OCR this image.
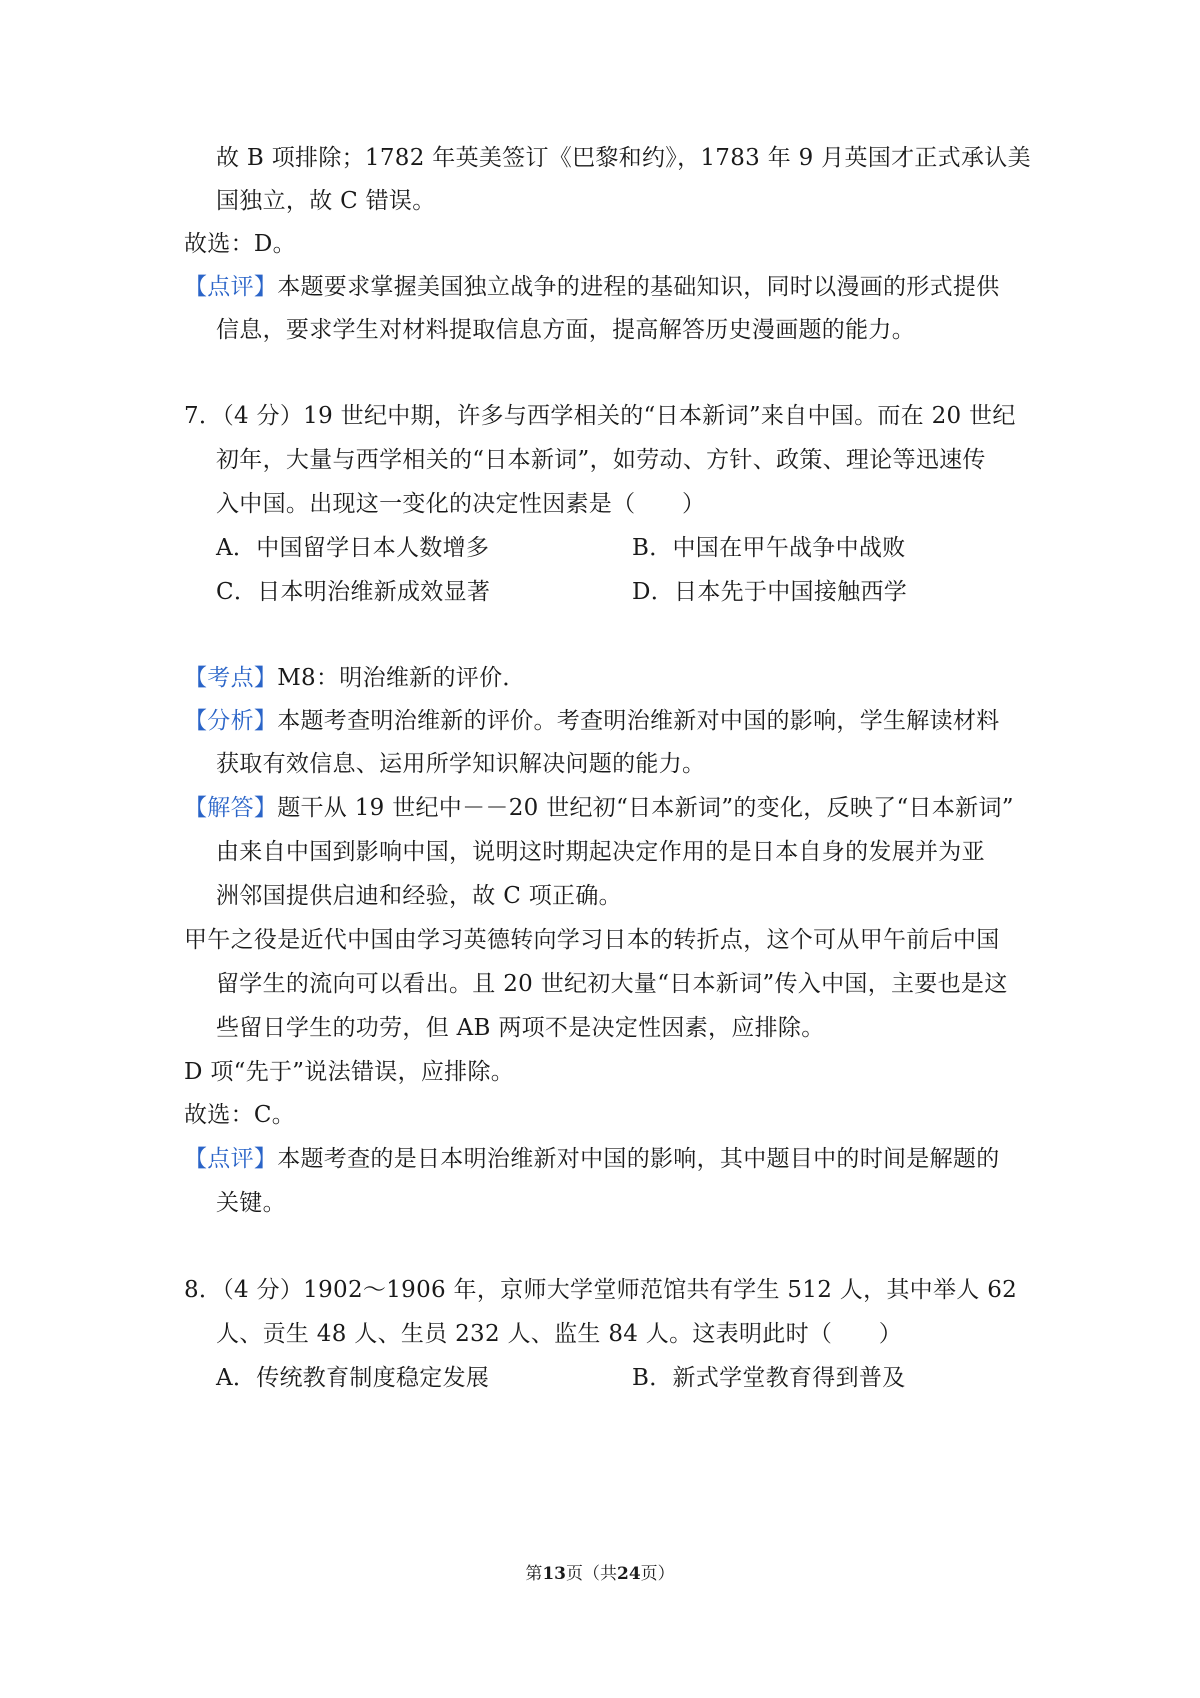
故 B 项排除；1782 年英美签订《巴黎和约》，1783 年 9 月英国才正式承认美
国独立，故 C 错误。
故选：D。
【点评】本题要求掌握美国独立战争的进程的基础知识，同时以漫画的形式提供
信息，要求学生对材料提取信息方面，提高解答历史漫画题的能力。
7．（4 分）19 世纪中期，许多与西学相关的“日本新词”来自中国。而在 20 世纪
初年，大量与西学相关的“日本新词”，如劳动、方针、政策、理论等迅速传
入中国。出现这一变化的决定性因素是（　　）
A．中国留学日本人数增多	B．中国在甲午战争中战败
C．日本明治维新成效显著	D．日本先于中国接触西学
【考点】M8：明治维新的评价．
【分析】本题考查明治维新的评价。考查明治维新对中国的影响，学生解读材料
获取有效信息、运用所学知识解决问题的能力。
【解答】题干从 19 世纪中－－20 世纪初“日本新词”的变化，反映了“日本新词”
由来自中国到影响中国，说明这时期起决定作用的是日本自身的发展并为亚
洲邻国提供启迪和经验，故 C 项正确。
甲午之役是近代中国由学习英德转向学习日本的转折点，这个可从甲午前后中国
留学生的流向可以看出。且 20 世纪初大量“日本新词”传入中国，主要也是这
些留日学生的功劳，但 AB 两项不是决定性因素，应排除。
D 项“先于”说法错误，应排除。
故选：C。
【点评】本题考查的是日本明治维新对中国的影响，其中题目中的时间是解题的
关键。
8．（4 分）1902～1906 年，京师大学堂师范馆共有学生 512 人，其中举人 62
人、贡生 48 人、生员 232 人、监生 84 人。这表明此时（　　）
A．传统教育制度稳定发展	B．新式学堂教育得到普及
第13页（共24页）
